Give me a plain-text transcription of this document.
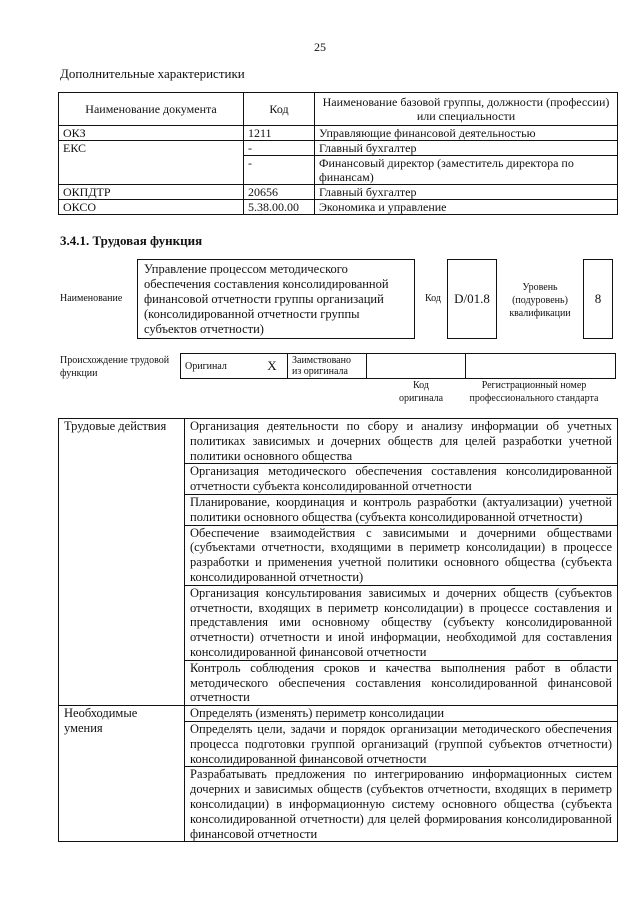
25
Дополнительные характеристики
Наименование документа	Код	Наименование базовой группы, должности (профессии) или специальности
ОКЗ	1211	Управляющие финансовой деятельностью
ЕКС	-	Главный бухгалтер
	-	Финансовый директор (заместитель директора по финансам)
ОКПДТР	20656	Главный бухгалтер
ОКСО	5.38.00.00	Экономика и управление
3.4.1. Трудовая функция
Наименование
Управление процессом методического обеспечения составления консолидированной финансовой отчетности группы организаций (консолидированной отчетности группы субъектов отчетности)
Код	D/01.8
Уровень (подуровень) квалификации
8
Происхождение трудовой функции
Оригинал	X	Заимствовано из оригинала		
Код оригинала
Регистрационный номер профессионального стандарта
Трудовые действия	Организация деятельности по сбору и анализу информации об учетных политиках зависимых и дочерних обществ для целей разработки учетной политики основного общества
	Организация методического обеспечения составления консолидированной отчетности субъекта консолидированной отчетности
	Планирование, координация и контроль разработки (актуализации) учетной политики основного общества (субъекта консолидированной отчетности)
	Обеспечение взаимодействия с зависимыми и дочерними обществами (субъектами отчетности, входящими в периметр консолидации) в процессе разработки и применения учетной политики основного общества (субъекта консолидированной отчетности)
	Организация консультирования зависимых и дочерних обществ (субъектов отчетности, входящих в периметр консолидации) в процессе составления и представления ими основному обществу (субъекту консолидированной отчетности) отчетности и иной информации, необходимой для составления консолидированной финансовой отчетности
	Контроль соблюдения сроков и качества выполнения работ в области методического обеспечения составления консолидированной финансовой отчетности
Необходимые умения	Определять (изменять) периметр консолидации
	Определять цели, задачи и порядок организации методического обеспечения процесса подготовки группой организаций (группой субъектов отчетности) консолидированной финансовой отчетности
	Разрабатывать предложения по интегрированию информационных систем дочерних и зависимых обществ (субъектов отчетности, входящих в периметр консолидации) в информационную систему основного общества (субъекта консолидированной отчетности) для целей формирования консолидированной финансовой отчетности
